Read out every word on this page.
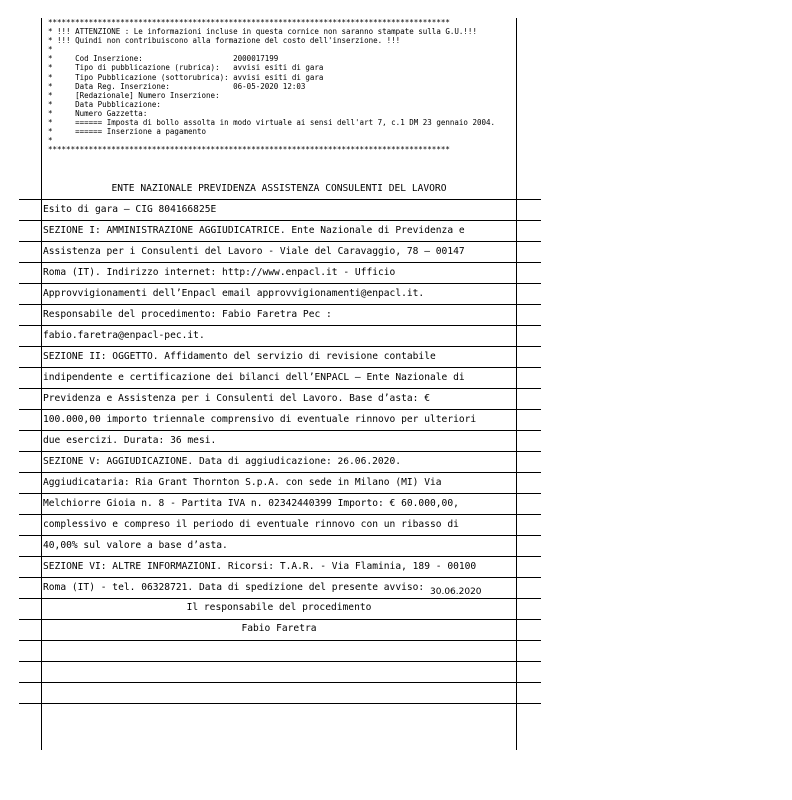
*****************************************************************************************
* !!! ATTENZIONE : Le informazioni incluse in questa cornice non saranno stampate sulla G.U.!!!
* !!! Quindi non contribuiscono alla formazione del costo dell'inserzione. !!!
*
*     Cod Inserzione:                    2000017199
*     Tipo di pubblicazione (rubrica):   avvisi esiti di gara
*     Tipo Pubblicazione (sottorubrica): avvisi esiti di gara
*     Data Reg. Inserzione:              06-05-2020 12:03
*     [Redazionale] Numero Inserzione:
*     Data Pubblicazione:
*     Numero Gazzetta:
*     ====== Imposta di bollo assolta in modo virtuale ai sensi dell'art 7, c.1 DM 23 gennaio 2004.
*     ====== Inserzione a pagamento
*
*****************************************************************************************
ENTE NAZIONALE PREVIDENZA ASSISTENZA CONSULENTI DEL LAVORO
Esito di gara – CIG 804166825E
SEZIONE I: AMMINISTRAZIONE AGGIUDICATRICE. Ente Nazionale di Previdenza e
Assistenza per i Consulenti del Lavoro - Viale del Caravaggio, 78 – 00147
Roma (IT). Indirizzo internet: http://www.enpacl.it - Ufficio
Approvvigionamenti dell’Enpacl email approvvigionamenti@enpacl.it.
Responsabile del procedimento: Fabio Faretra Pec :
fabio.faretra@enpacl-pec.it.
SEZIONE II: OGGETTO. Affidamento del servizio di revisione contabile
indipendente e certificazione dei bilanci dell’ENPACL – Ente Nazionale di
Previdenza e Assistenza per i Consulenti del Lavoro. Base d’asta: €
100.000,00 importo triennale comprensivo di eventuale rinnovo per ulteriori
due esercizi. Durata: 36 mesi.
SEZIONE V: AGGIUDICAZIONE. Data di aggiudicazione: 26.06.2020.
Aggiudicataria: Ria Grant Thornton S.p.A. con sede in Milano (MI) Via
Melchiorre Gioia n. 8 - Partita IVA n. 02342440399 Importo: € 60.000,00,
complessivo e compreso il periodo di eventuale rinnovo con un ribasso di
40,00% sul valore a base d’asta.
SEZIONE VI: ALTRE INFORMAZIONI. Ricorsi: T.A.R. - Via Flaminia, 189 - 00100
Roma (IT) - tel. 06328721. Data di spedizione del presente avviso: 30.06.2020
Il responsabile del procedimento
Fabio Faretra
